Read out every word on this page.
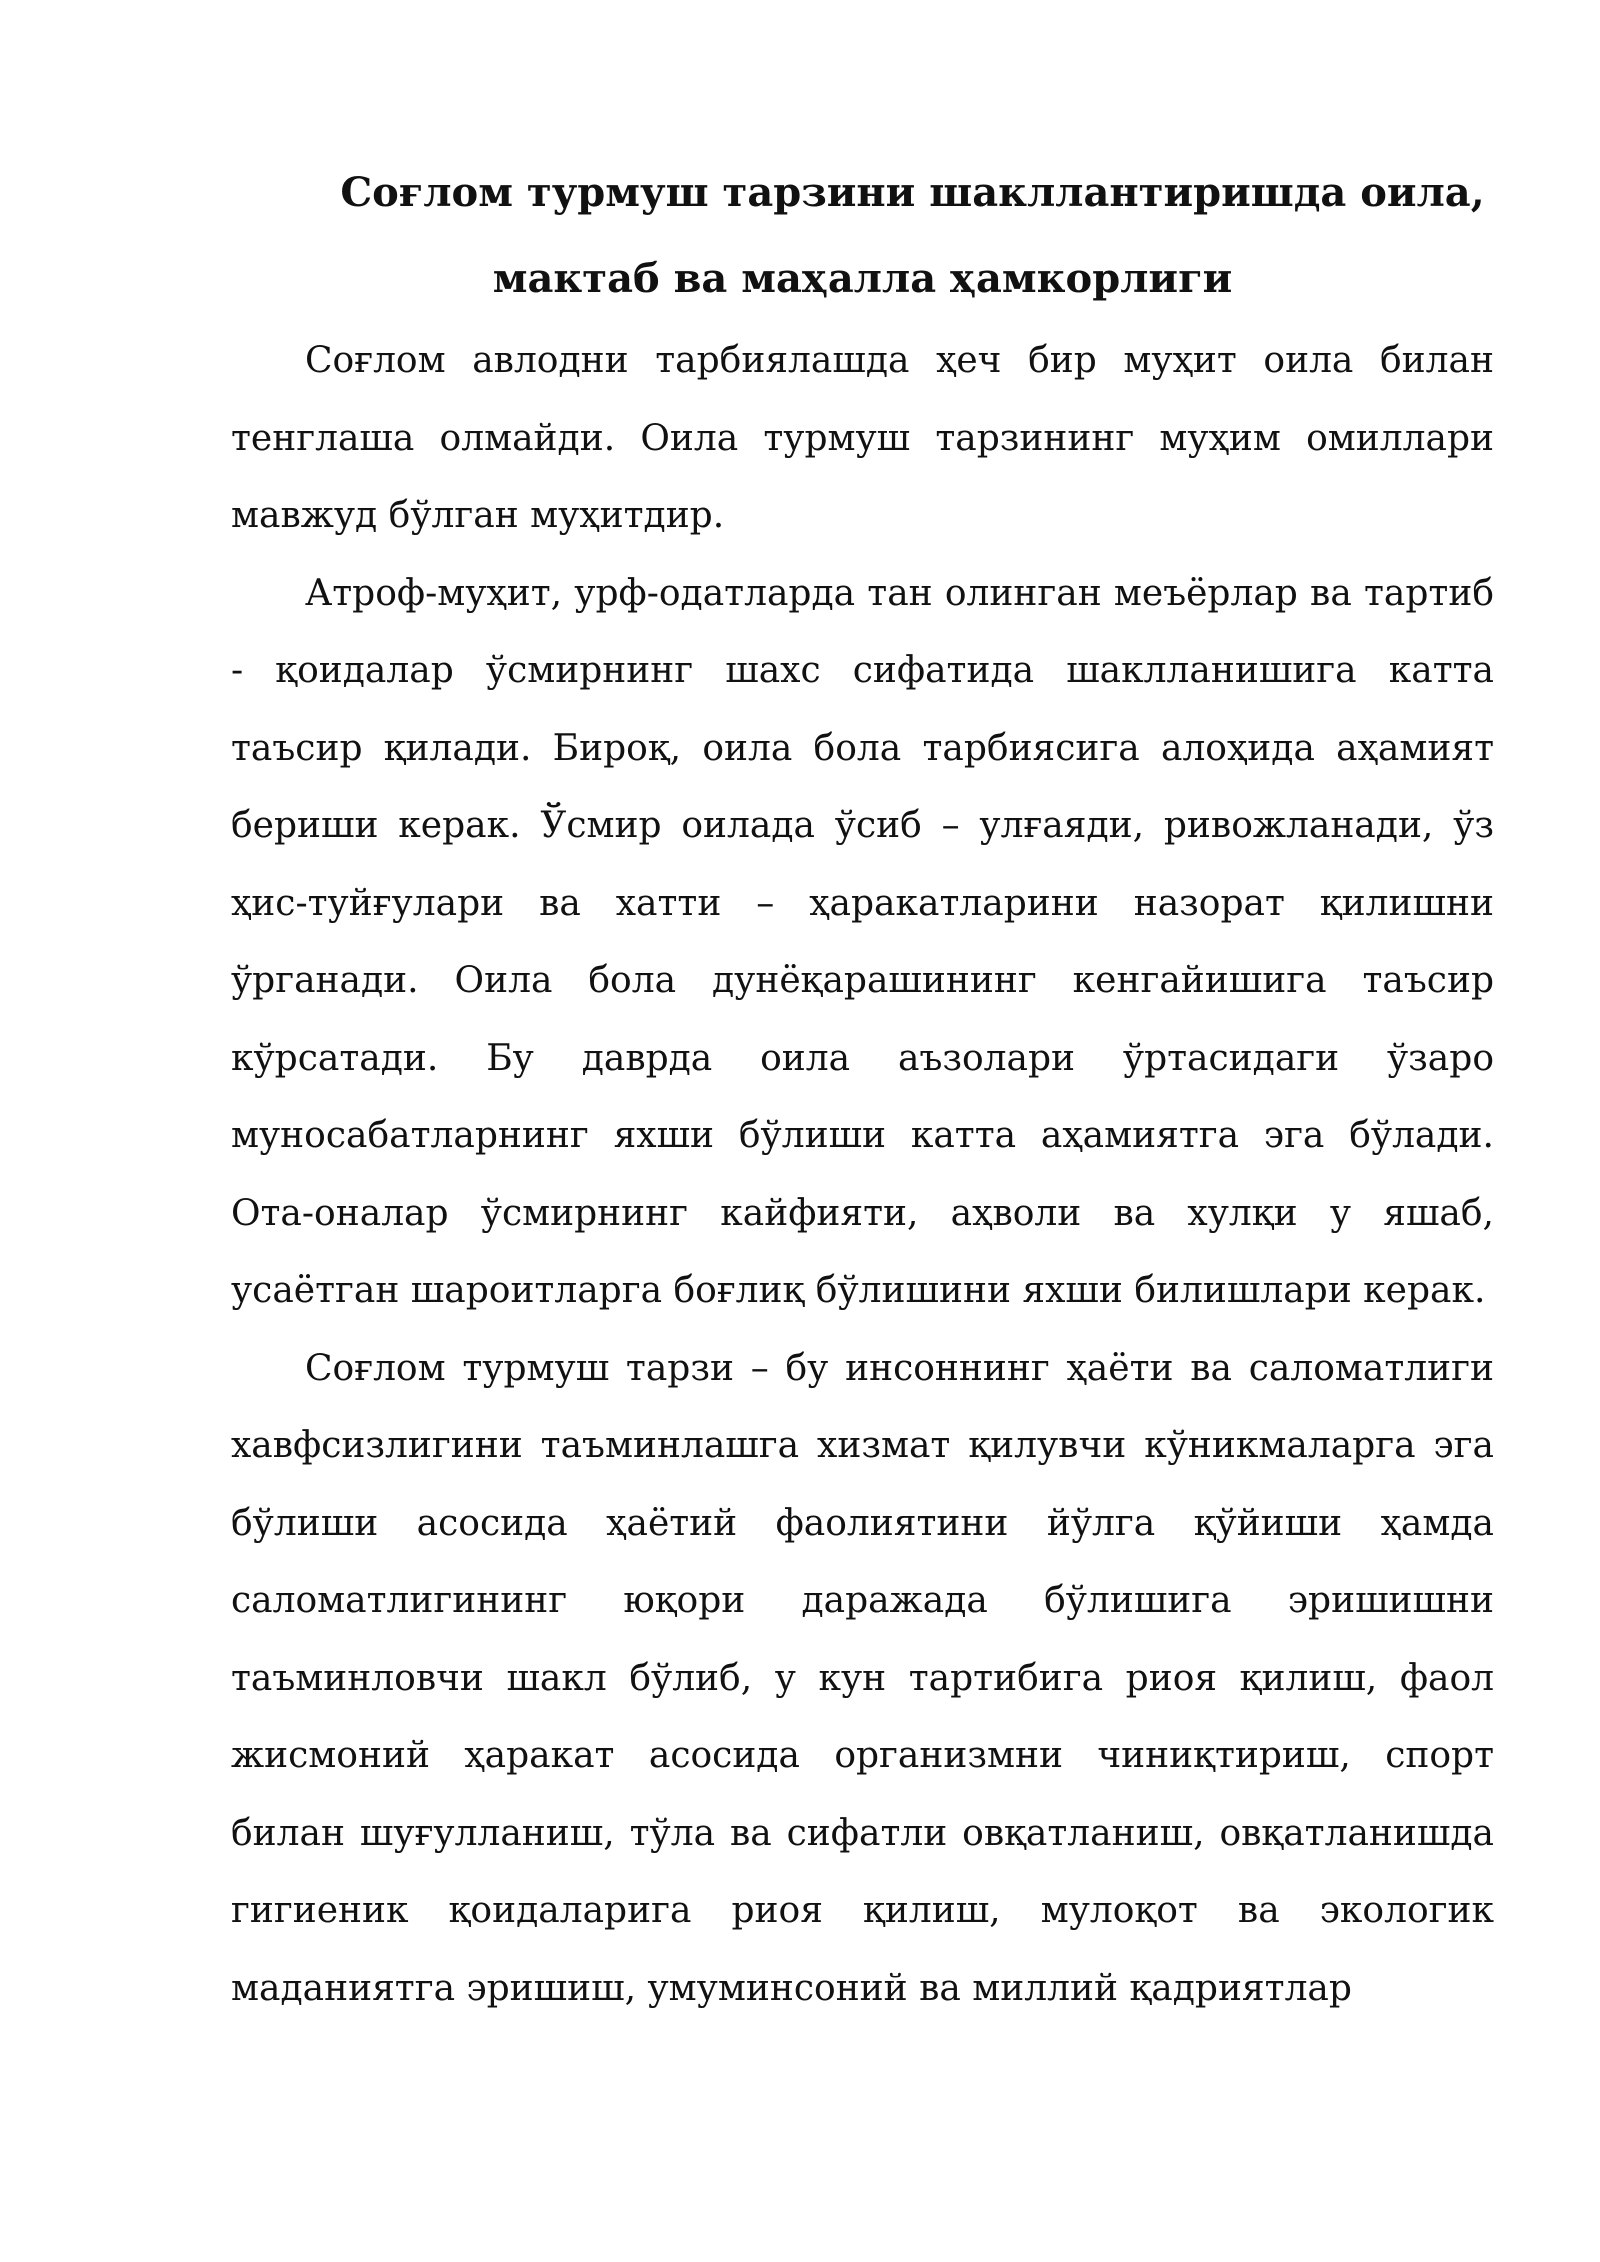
Соғлом турмуш тарзини шакллантиришда оила,
мактаб ва маҳалла ҳамкорлиги

Соғлом авлодни тарбиялашда ҳеч бир муҳит оила билан тенглаша олмайди. Оила турмуш тарзининг муҳим омиллари мавжуд бўлган муҳитдир.

Атроф-муҳит, урф-одатларда тан олинган меъёрлар ва тартиб - қоидалар ўсмирнинг шахс сифатида шаклланишига катта таъсир қилади. Бироқ, оила бола тарбиясига алоҳида аҳамият бериши керак. Ўсмир оилада ўсиб – улғаяди, ривожланади, ўз ҳис-туйғулари ва хатти – ҳаракатларини назорат қилишни ўрганади. Оила бола дунёқарашининг кенгайишига таъсир кўрсатади. Бу даврда оила аъзолари ўртасидаги ўзаро муносабатларнинг яхши бўлиши катта аҳамиятга эга бўлади. Ота-оналар ўсмирнинг кайфияти, аҳволи ва хулқи у яшаб, усаётган шароитларга боғлиқ бўлишини яхши билишлари керак.

Соғлом турмуш тарзи – бу инсоннинг ҳаёти ва саломатлиги хавфсизлигини таъминлашга хизмат қилувчи кўникмаларга эга бўлиши асосида ҳаётий фаолиятини йўлга қўйиши ҳамда саломатлигининг юқори даражада бўлишига эришишни таъминловчи шакл бўлиб, у кун тартибига риоя қилиш, фаол жисмоний ҳаракат асосида организмни чиниқтириш, спорт билан шуғулланиш, тўла ва сифатли овқатланиш, овқатланишда гигиеник қоидаларига риоя қилиш, мулоқот ва экологик маданиятга эришиш, умуминсоний ва миллий қадриятлар
